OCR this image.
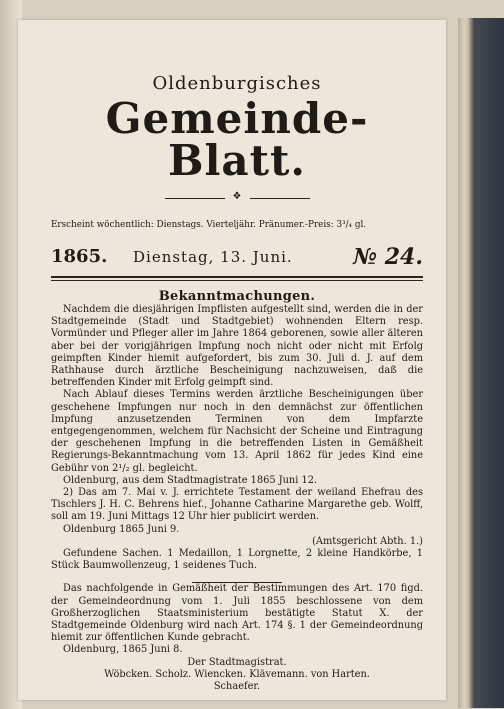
Oldenburgisches
Gemeinde-Blatt.
❖
Erscheint wöchentlich: Dienstags. Vierteljähr. Pränumer.-Preis: 3³/₄ gl.
1865. Dienstag, 13. Juni.	№ 24.
Bekanntmachungen.
Nachdem die diesjährigen Impflisten aufgestellt sind, werden die in der Stadtgemeinde (Stadt und Stadtgebiet) wohnenden Eltern resp. Vormünder und Pfleger aller im Jahre 1864 geborenen, sowie aller älteren aber bei der vorigjährigen Impfung noch nicht oder nicht mit Erfolg geimpften Kinder hiemit aufgefordert, bis zum 30. Juli d. J. auf dem Rathhause durch ärztliche Bescheinigung nachzuweisen, daß die betreffenden Kinder mit Erfolg geimpft sind.
Nach Ablauf dieses Termins werden ärztliche Bescheinigungen über geschehene Impfungen nur noch in den demnächst zur öffentlichen Impfung anzusetzenden Terminen von dem Impfarzte entgegengenommen, welchem für Nachsicht der Scheine und Eintragung der geschehenen Impfung in die betreffenden Listen in Gemäßheit Regierungs-Bekanntmachung vom 13. April 1862 für jedes Kind eine Gebühr von 2¹/₂ gl. begleicht.
Oldenburg, aus dem Stadtmagistrate 1865 Juni 12.
2) Das am 7. Mai v. J. errichtete Testament der weiland Ehefrau des Tischlers J. H. C. Behrens hief., Johanne Catharine Margarethe geb. Wolff, soll am 19. Juni Mittags 12 Uhr hier publicirt werden.
Oldenburg 1865 Juni 9.
(Amtsgericht Abth. 1.)
Gefundene Sachen. 1 Medaillon, 1 Lorgnette, 2 kleine Handkörbe, 1 Stück Baumwollenzeug, 1 seidenes Tuch.
Das nachfolgende in Gemäßheit der Bestimmungen des Art. 170 figd. der Gemeindeordnung vom 1. Juli 1855 beschlossene von dem Großherzoglichen Staatsministerium bestätigte Statut X. der Stadtgemeinde Oldenburg wird nach Art. 174 §. 1 der Gemeindeordnung hiemit zur öffentlichen Kunde gebracht.
Oldenburg, 1865 Juni 8.
Der Stadtmagistrat.
Wöbcken. Scholz. Wiencken. Klävemann. von Harten.
Schaefer.
